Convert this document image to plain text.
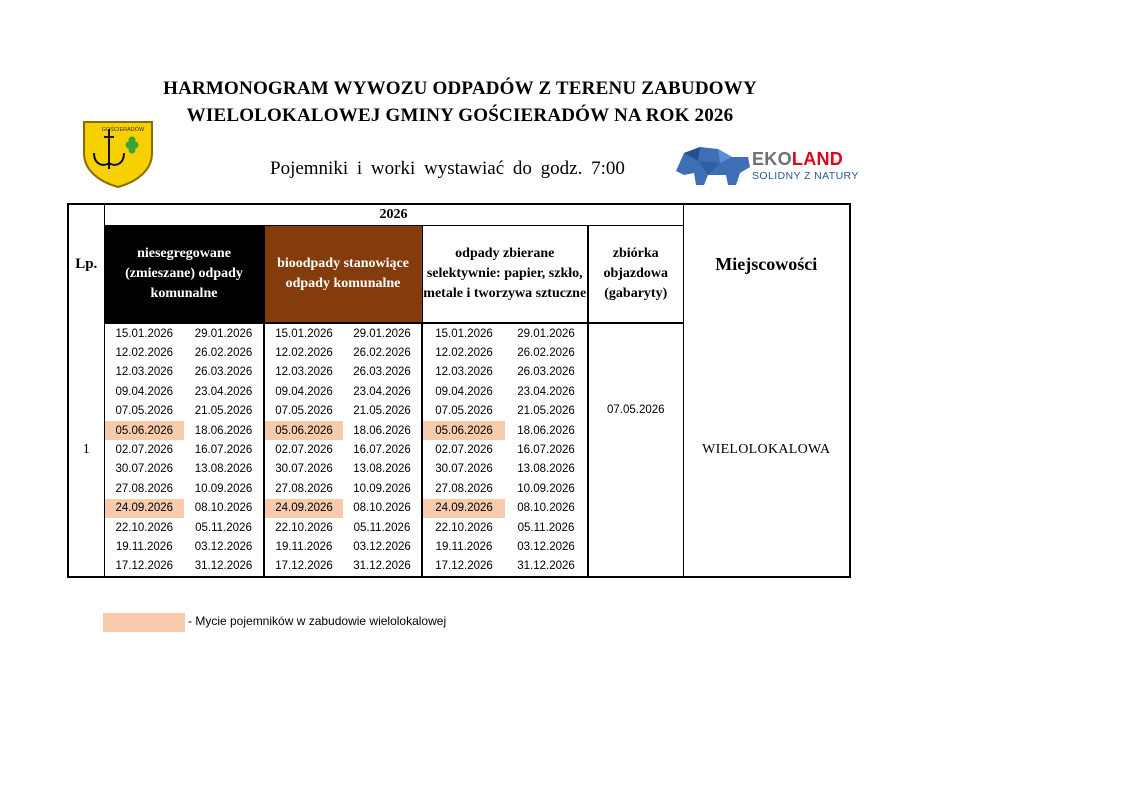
HARMONOGRAM WYWOZU ODPADÓW Z TERENU ZABUDOWY
WIELOLOKALOWEJ GMINY GOŚCIERADÓW NA ROK 2026
Pojemniki i worki wystawiać do godz. 7:00
GOŚCIERADÓW
EKOLAND
SOLIDNY Z NATURY
Lp.	2026							Miejscowości
	niesegregowane (zmieszane) odpady komunalne		bioodpady stanowiące odpady komunalne		odpady zbierane selektywnie: papier, szkło, metale i tworzywa sztuczne		zbiórka objazdowa (gabaryty)	
1	15.01.2026	29.01.2026	15.01.2026	29.01.2026	15.01.2026	29.01.2026	07.05.2026	WIELOLOKALOWA
	12.02.2026	26.02.2026	12.02.2026	26.02.2026	12.02.2026	26.02.2026		
	12.03.2026	26.03.2026	12.03.2026	26.03.2026	12.03.2026	26.03.2026		
	09.04.2026	23.04.2026	09.04.2026	23.04.2026	09.04.2026	23.04.2026		
	07.05.2026	21.05.2026	07.05.2026	21.05.2026	07.05.2026	21.05.2026		
	05.06.2026	18.06.2026	05.06.2026	18.06.2026	05.06.2026	18.06.2026		
	02.07.2026	16.07.2026	02.07.2026	16.07.2026	02.07.2026	16.07.2026		
	30.07.2026	13.08.2026	30.07.2026	13.08.2026	30.07.2026	13.08.2026		
	27.08.2026	10.09.2026	27.08.2026	10.09.2026	27.08.2026	10.09.2026		
	24.09.2026	08.10.2026	24.09.2026	08.10.2026	24.09.2026	08.10.2026		
	22.10.2026	05.11.2026	22.10.2026	05.11.2026	22.10.2026	05.11.2026		
	19.11.2026	03.12.2026	19.11.2026	03.12.2026	19.11.2026	03.12.2026		
	17.12.2026	31.12.2026	17.12.2026	31.12.2026	17.12.2026	31.12.2026		
- Mycie pojemników w zabudowie wielolokalowej
